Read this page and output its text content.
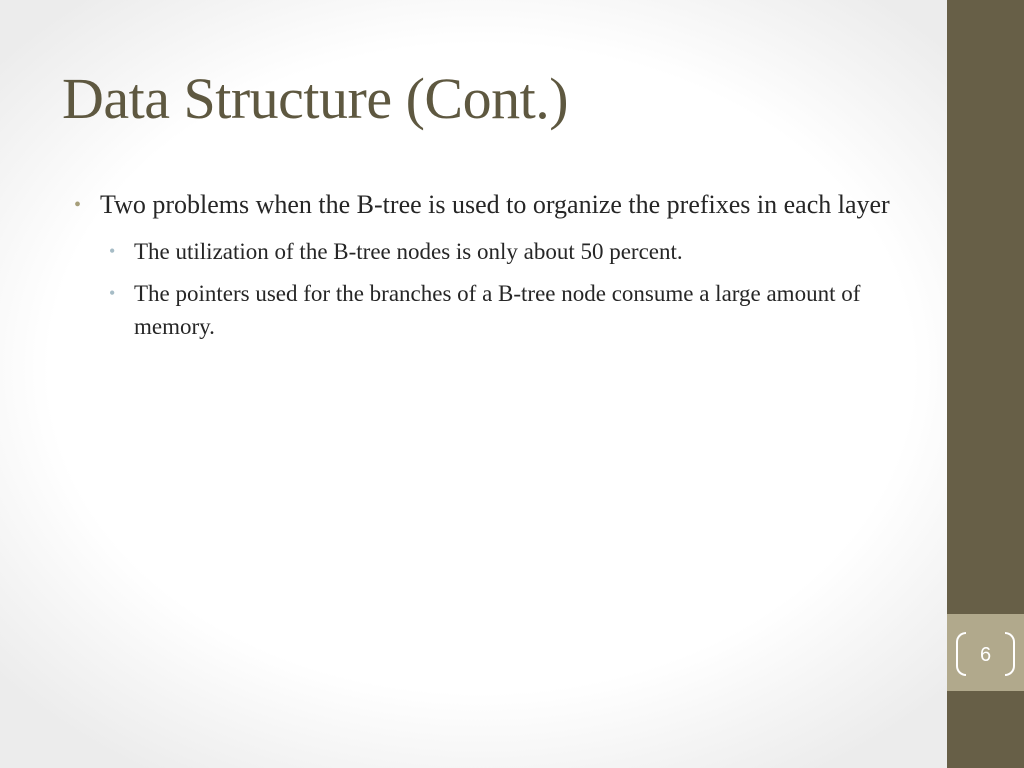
Data Structure (Cont.)
• Two problems when the B-tree is used to organize the prefixes in each layer
• The utilization of the B-tree nodes is only about 50 percent.
• The pointers used for the branches of a B-tree node consume a large amount of memory.
6
